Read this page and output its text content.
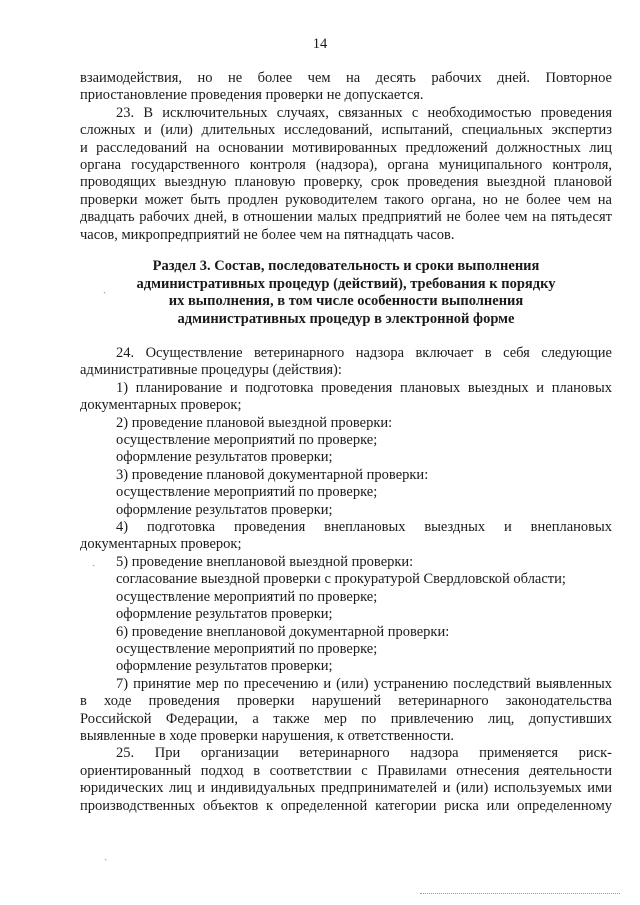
14

взаимодействия, но не более чем на десять рабочих дней. Повторное

приостановление проведения проверки не допускается.

23. В исключительных случаях, связанных с необходимостью проведения

сложных и (или) длительных исследований, испытаний, специальных экспертиз

и расследований на основании мотивированных предложений должностных лиц

органа государственного контроля (надзора), органа муниципального контроля,

проводящих выездную плановую проверку, срок проведения выездной плановой

проверки может быть продлен руководителем такого органа, но не более чем на

двадцать рабочих дней, в отношении малых предприятий не более чем на пятьдесят

часов, микропредприятий не более чем на пятнадцать часов.

Раздел 3. Состав, последовательность и сроки выполнения

административных процедур (действий), требования к порядку

их выполнения, в том числе особенности выполнения

административных процедур в электронной форме

24. Осуществление ветеринарного надзора включает в себя следующие

административные процедуры (действия):

1) планирование и подготовка проведения плановых выездных и плановых

документарных проверок;

2) проведение плановой выездной проверки:

осуществление мероприятий по проверке;

оформление результатов проверки;

3) проведение плановой документарной проверки:

осуществление мероприятий по проверке;

оформление результатов проверки;

4) подготовка проведения внеплановых выездных и внеплановых

документарных проверок;

5) проведение внеплановой выездной проверки:

согласование выездной проверки с прокуратурой Свердловской области;

осуществление мероприятий по проверке;

оформление результатов проверки;

6) проведение внеплановой документарной проверки:

осуществление мероприятий по проверке;

оформление результатов проверки;

7) принятие мер по пресечению и (или) устранению последствий выявленных

в ходе проведения проверки нарушений ветеринарного законодательства

Российской Федерации, а также мер по привлечению лиц, допустивших

выявленные в ходе проверки нарушения, к ответственности.

25. При организации ветеринарного надзора применяется риск-

ориентированный подход в соответствии с Правилами отнесения деятельности

юридических лиц и индивидуальных предпринимателей и (или) используемых ими

производственных объектов к определенной категории риска или определенному

ˎ
ˎ
ˏ
